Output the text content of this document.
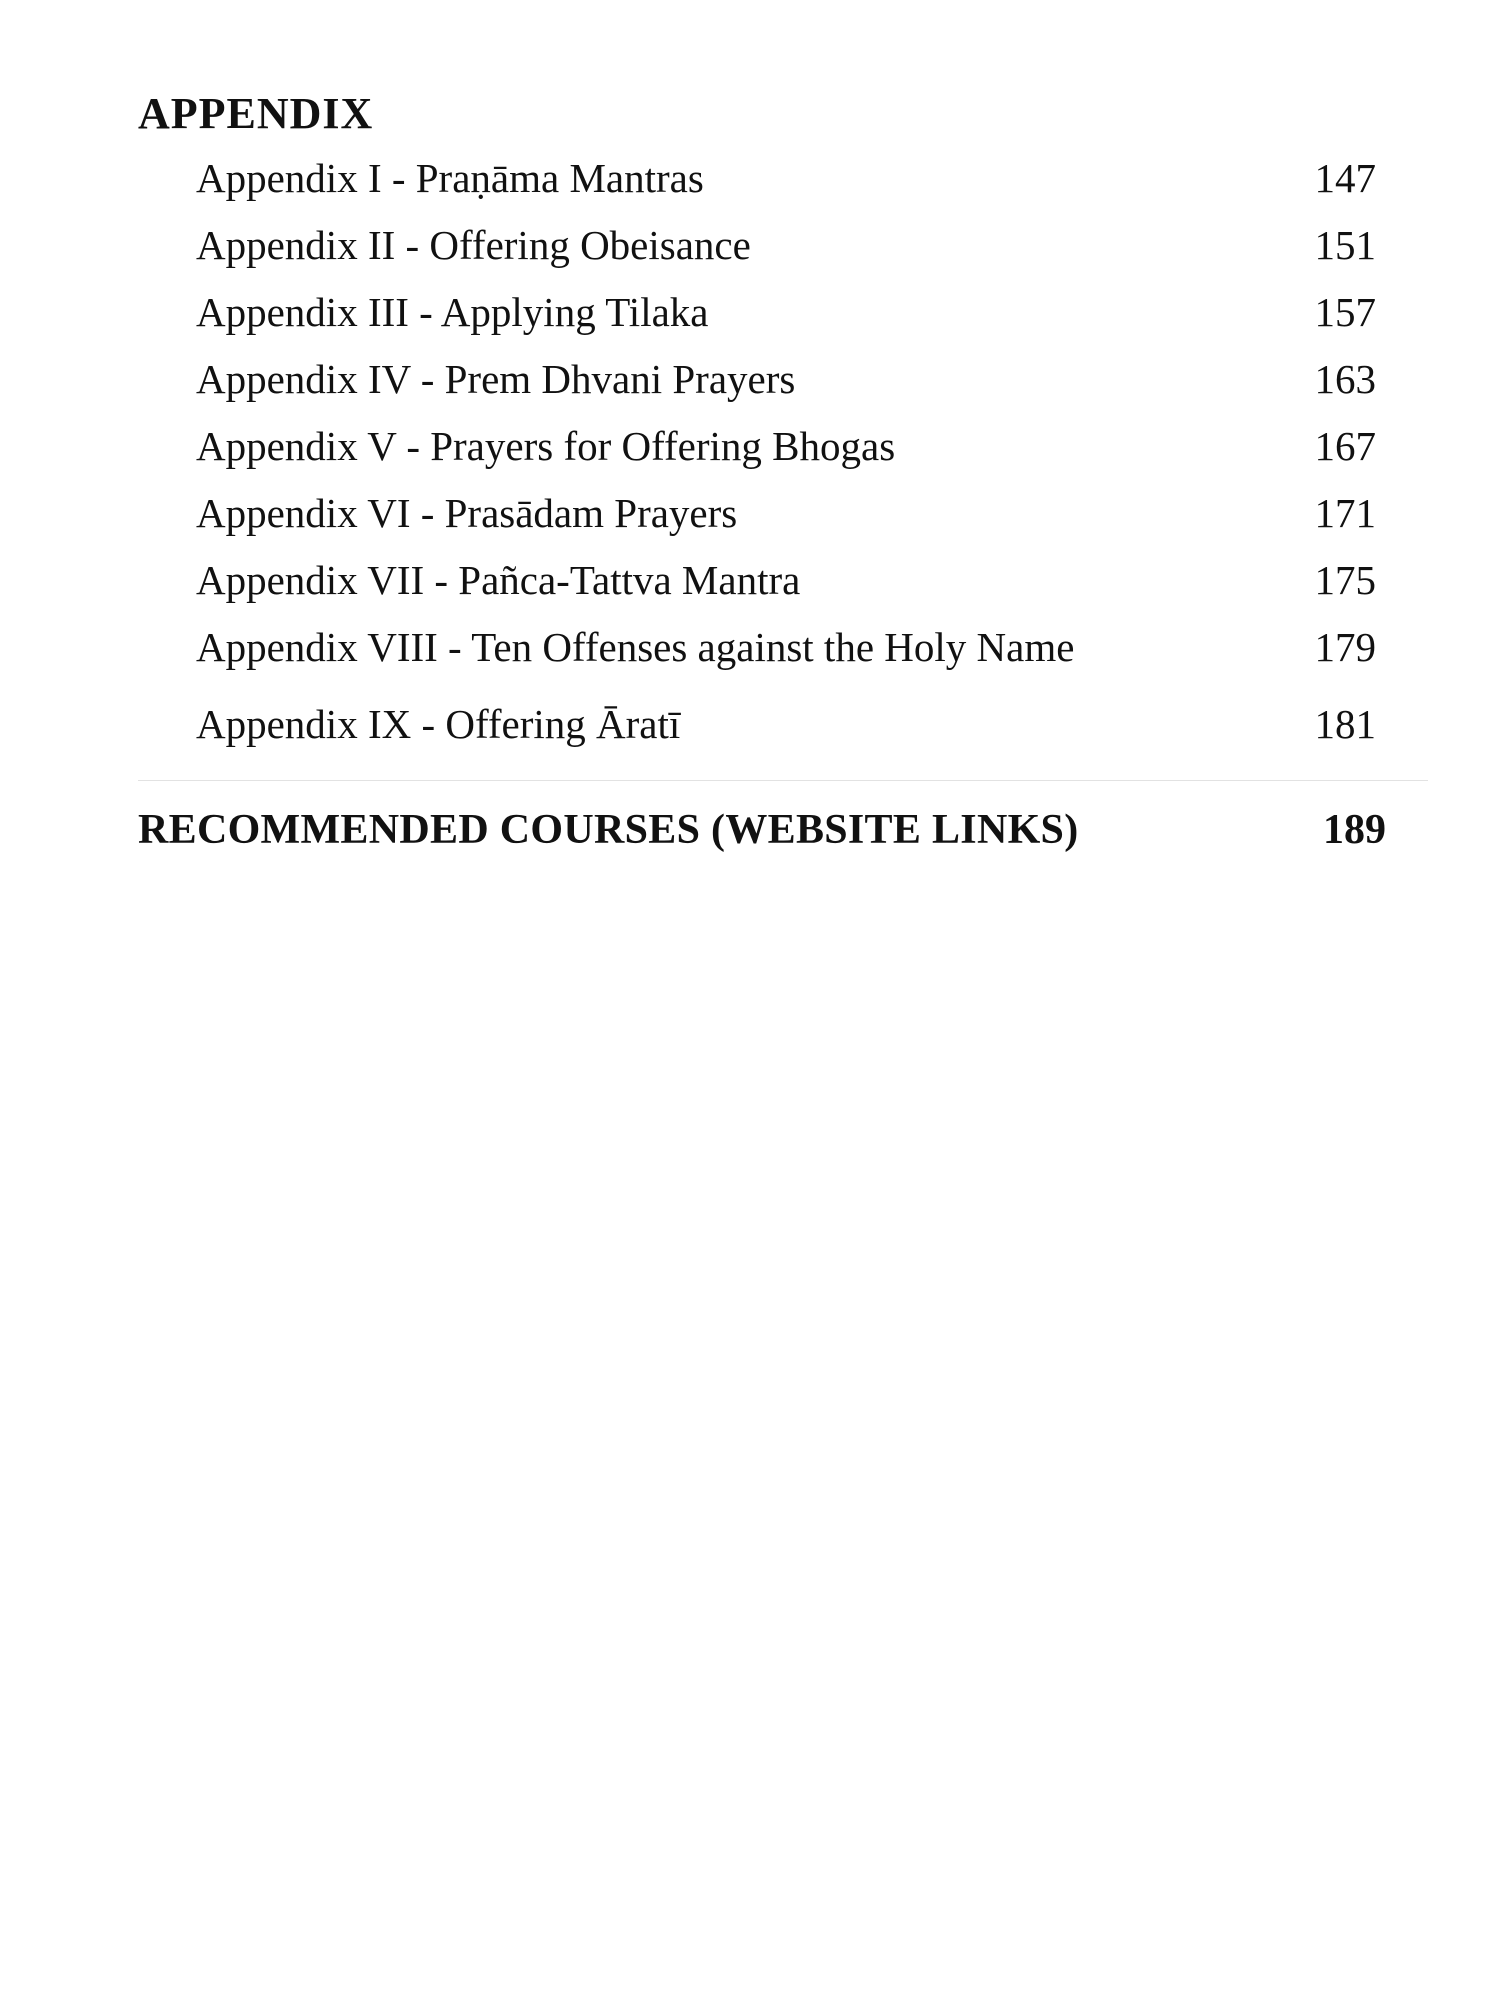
APPENDIX
Appendix I - Praṇāma Mantras	147
Appendix II - Offering Obeisance	151
Appendix III - Applying Tilaka	157
Appendix IV - Prem Dhvani Prayers	163
Appendix V - Prayers for Offering Bhogas	167
Appendix VI - Prasādam Prayers	171
Appendix VII - Pañca-Tattva Mantra	175
Appendix VIII - Ten Offenses against the Holy Name	179
Appendix IX - Offering Āratī	181
RECOMMENDED COURSES (WEBSITE LINKS)	189
